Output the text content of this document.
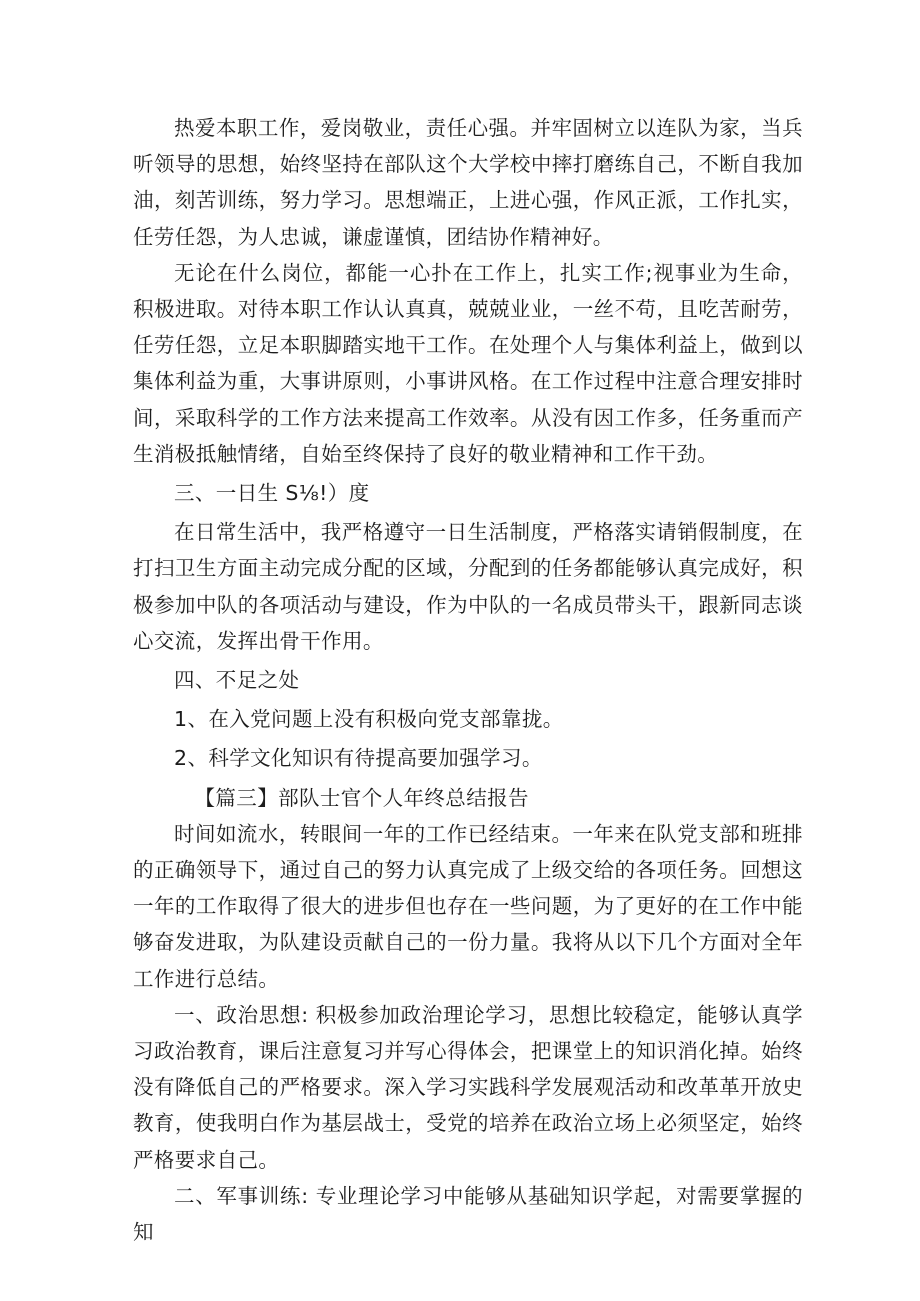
热爱本职工作，爱岗敬业，责任心强。并牢固树立以连队为家，当兵听领导的思想，始终坚持在部队这个大学校中摔打磨练自己，不断自我加油，刻苦训练，努力学习。思想端正，上进心强，作风正派，工作扎实，任劳任怨，为人忠诚，谦虚谨慎，团结协作精神好。

无论在什么岗位，都能一心扑在工作上，扎实工作;视事业为生命，积极进取。对待本职工作认认真真，兢兢业业，一丝不苟，且吃苦耐劳，任劳任怨，立足本职脚踏实地干工作。在处理个人与集体利益上，做到以集体利益为重，大事讲原则，小事讲风格。在工作过程中注意合理安排时间，采取科学的工作方法来提高工作效率。从没有因工作多，任务重而产生消极抵触情绪，自始至终保持了良好的敬业精神和工作干劲。

三、一日生 S⅛!）度

在日常生活中，我严格遵守一日生活制度，严格落实请销假制度，在打扫卫生方面主动完成分配的区域，分配到的任务都能够认真完成好，积极参加中队的各项活动与建设，作为中队的一名成员带头干，跟新同志谈心交流，发挥出骨干作用。

四、不足之处

1、在入党问题上没有积极向党支部靠拢。

2、科学文化知识有待提高要加强学习。

【篇三】部队士官个人年终总结报告

时间如流水，转眼间一年的工作已经结束。一年来在队党支部和班排的正确领导下，通过自己的努力认真完成了上级交给的各项任务。回想这一年的工作取得了很大的进步但也存在一些问题，为了更好的在工作中能够奋发进取，为队建设贡献自己的一份力量。我将从以下几个方面对全年工作进行总结。

一、政治思想: 积极参加政治理论学习，思想比较稳定，能够认真学习政治教育，课后注意复习并写心得体会，把课堂上的知识消化掉。始终没有降低自己的严格要求。深入学习实践科学发展观活动和改革革开放史教育，使我明白作为基层战士，受党的培养在政治立场上必须坚定，始终严格要求自己。

二、军事训练: 专业理论学习中能够从基础知识学起，对需要掌握的知
